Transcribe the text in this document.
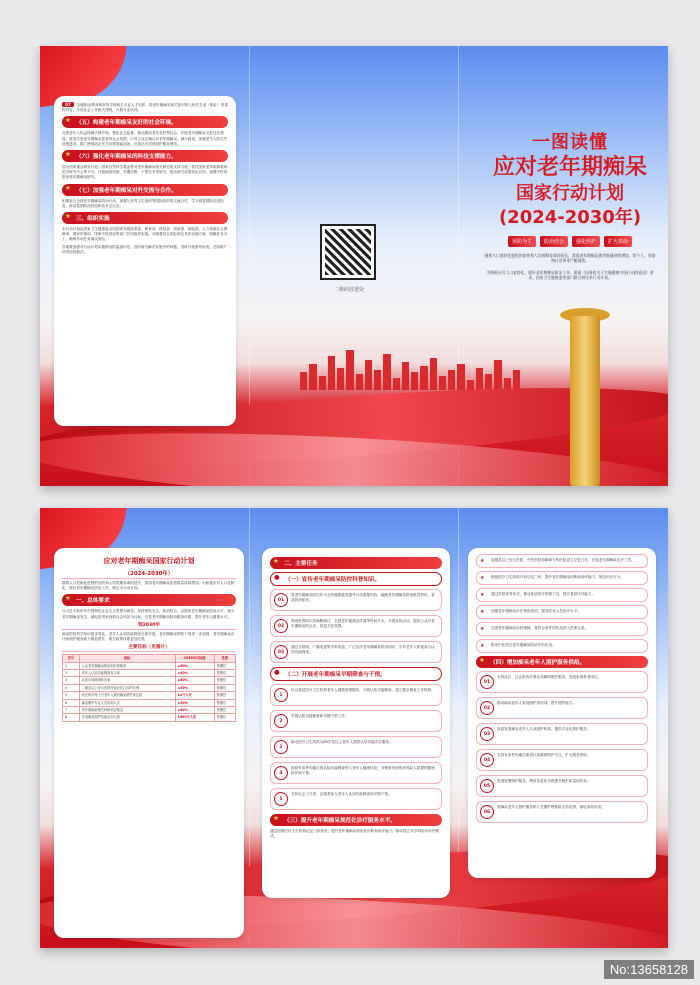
07 加强职业教育和高等学校相关专业人才培养，将老年期痴呆相关知识纳入相关专业（职业）的课程内容，开设社会工作相关课程，开展专业培训。
★ （五）构建老年期痴呆友好的社会环境。
完善老年人权益保障法律法规，强化社会监督，推动建设老年友好型社会。开展老年期痴呆友好社区建设，营造关爱老年期痴呆患者的社会氛围，引导公众正确认识老年期痴呆，减少歧视。加强老年人防走失设施建设，推广使用防走失手环等智能设备，完善社区居家照护服务网络。
★ （六）强化老年期痴呆的科技支撑能力。
加大国家重点研发计划、国家自然科学基金等对老年期痴呆相关研究的支持力度，依托国家老年疾病临床医学研究中心等平台，开展病因机制、早期诊断、干预技术等研究，推动研究成果转化应用，加强中医药防治老年期痴呆研究。
★ （七）加强老年期痴呆对外交流与合作。
积极参与全球老年期痴呆防治行动，加强与世界卫生组织等国际组织的交流合作，学习借鉴国际先进经验，推动我国防治经验和技术走出去。
★ 三、组织实施
本行动计划由国家卫生健康委会同国家发展改革委、教育部、科技部、民政部、财政部、人力资源社会保障部、国家医保局、国家中医药局等部门共同组织实施。各地要结合实际制定具体实施方案，明确任务分工，确保各项任务落实到位。
各地要加强对行动计划实施情况的监测评估，及时研究解决实施中的问题，适时开展督导检查，总结推广好的经验做法。
二维码放置处
一图读懂
应对老年期痴呆
国家行动计划
(2024-2030年)
预防为主	防治结合	强化照护	扩大供给
随着人口老龄化进程的加快和人均预期寿命的延长，我国老年期痴呆患者数量持续增加，给个人、家庭和社会带来严峻挑战。
为积极应对人口老龄化，做好老年期痴呆防治工作，根据《国务院关于实施健康中国行动的意见》要求，国家卫生健康委等部门联合制定本行动计划。
应对老年期痴呆国家行动计划
（2024-2030年）
随着人口老龄化进程的加快和人均预期寿命的延长，我国老年期痴呆患者数量持续增加。为积极应对人口老龄化，做好老年期痴呆防治工作，制定本行动计划。
★ 一、总体要求
以习近平新时代中国特色社会主义思想为指导，坚持预防为主、防治结合，以提高老年期痴呆防治水平、减少老年期痴呆发生、减轻患者家庭和社会负担为目标，完善老年期痴呆防治服务体系，提升老年人健康水平。
到2030年
痴呆防控科学知识基本普及，老年人认知功能筛查全面开展，老年期痴呆预防干预进一步加强，老年期痴呆诊疗和照护服务能力明显提升，相关政策体系更加完善。
主要目标（见图片）
序号	指标	2030年目标值	性质
1	公众老年期痴呆防治知识知晓率	≥80%	预期性
2	老年人认知功能筛查参与率	≥80%	预期性
3	认知功能障碍转诊率	≥80%	预期性
4	二级及以上综合医院开设记忆门诊的比例	≥50%	预期性
5	设区的市每十万老年人拥有痴呆照护床位数	12万人次	预期性
6	痴呆照护专业人员培训人次	≥50%	预期性
7	老年期痴呆相关科研项目数量	≥80%	预期性
8	完成痴呆照护技能培训人数	1500万人次	预期性
★ 二、主要任务
● （一）宣传老年期痴呆防控科普知识。
01
将老年期痴呆防控作为全民健康素养提升行动重要内容，编制老年期痴呆防治科普材料，普及防治知识。
02
利用世界阿尔茨海默病日、全国老年健康宣传周等时间节点，开展宣传活动，提高公众对老年期痴呆的认识，营造关爱氛围。
03
通过互联网、广播电视等多种渠道，广泛宣传老年期痴呆防治知识，引导老年人积极参与认知功能筛查。
● （二）开展老年期痴呆早期筛查与干预。
1
结合基层医疗卫生机构老年人健康管理服务，开展认知功能筛查，建立健全筛查工作机制。
2
开展认知功能筛查和早期干预工作。
3
推动医疗卫生机构为65岁及以上老年人提供认知功能评估服务。
4
鼓励有条件的地区将认知功能筛查纳入老年人健康体检，对筛查发现的高风险人群提供健康指导和干预。
5
支持社会工作者、志愿者参与老年人认知功能筛查和早期干预。
★ （三）提升老年期痴呆规范化诊疗服务水平。
通过加强医疗卫生机构记忆门诊建设，提升老年期痴呆规范化诊断和治疗能力，推动建立多学科协作诊疗模式。
★	县级及以上综合医院、中医医院和精神专科医院设立记忆门诊，开展老年期痴呆诊疗工作。
★	鼓励医疗卫生机构开设记忆门诊，提升老年期痴呆诊断和治疗能力，规范诊疗行为。
★	通过医联体等形式，推动优质医疗资源下沉，提升基层诊疗能力。
★	加强老年期痴呆诊疗规范培训，提高医务人员诊疗水平。
★	完善老年期痴呆用药保障，将符合条件的药品纳入医保目录。
★	推动中医药在老年期痴呆防治中的应用。
★ （四）增加痴呆老年人照护服务供给。
01
支持社区、社会机构开展认知障碍照护服务，发展家庭养老床位。
02
推动痴呆老年人家庭照护者培训，提升照护能力。
03
探索发展痴呆老年人专业照护机构，提供专业化照护服务。
04
支持有条件的地区建设认知障碍照护专区，扩大服务供给。
05
发展智慧照护服务，利用信息化手段提升照护质量和效率。
06
将痴呆老年人照护服务纳入长期护理保险支持范围，减轻家庭负担。
No:13658128
